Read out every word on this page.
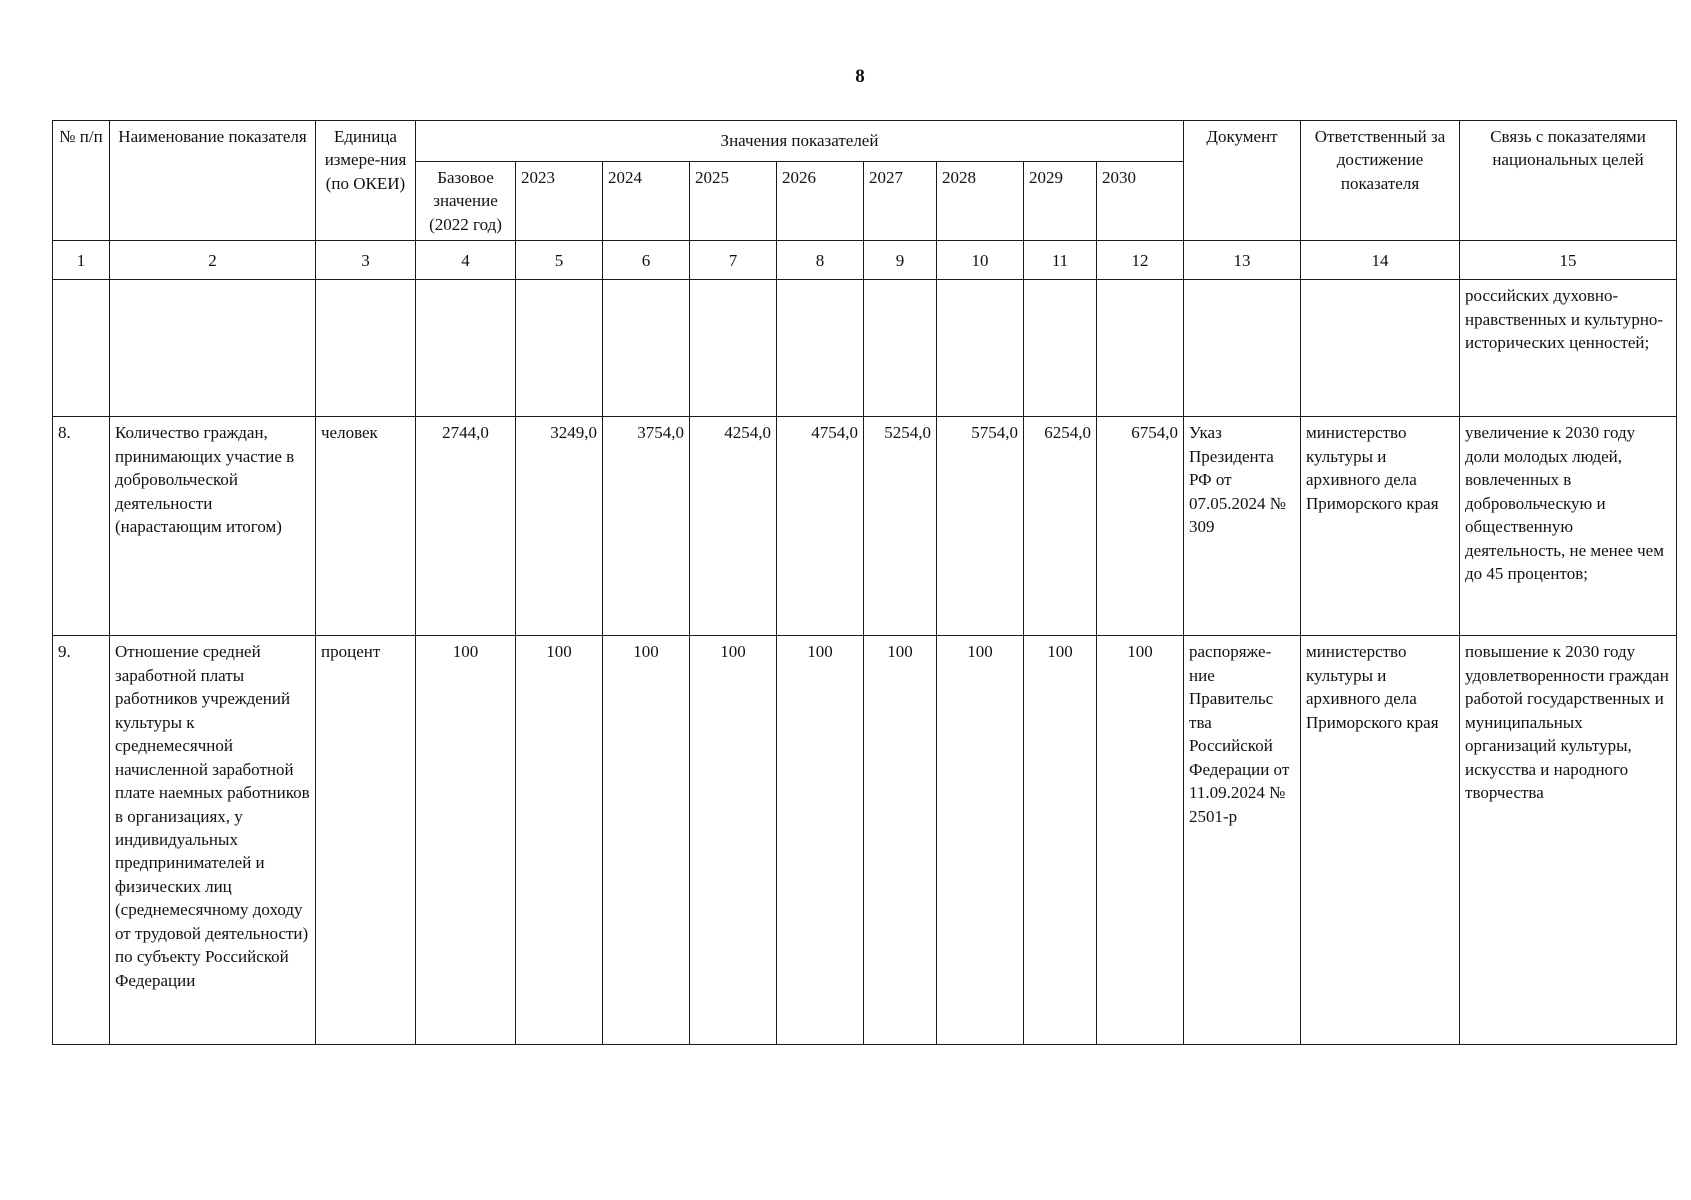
8
№ п/п	Наименование показателя	Единица измере-ния (по ОКЕИ)	Значения показателей									Документ	Ответственный за достижение показателя	Связь с показателями национальных целей
			Базовое значение (2022 год)	2023	2024	2025	2026	2027	2028	2029	2030			
1	2	3	4	5	6	7	8	9	10	11	12	13	14	15
														российских духовно-нравственных и культурно-исторических ценностей;
8.	Количество граждан, принимающих участие в добровольческой деятельности (нарастающим итогом)	человек	2744,0	3249,0	3754,0	4254,0	4754,0	5254,0	5754,0	6254,0	6754,0	Указ Президента РФ от 07.05.2024 № 309	министерство культуры и архивного дела Приморского края	увеличение к 2030 году доли молодых людей, вовлеченных в добровольческую и общественную деятельность, не менее чем до 45 процентов;
9.	Отношение средней заработной платы работников учреждений культуры к среднемесячной начисленной заработной плате наемных работников в организациях, у индивидуальных предпринимателей и физических лиц (среднемесячному доходу от трудовой деятельности) по субъекту Российской Федерации	процент	100	100	100	100	100	100	100	100	100	распоряже-ние Правительс тва Российской Федерации от 11.09.2024 № 2501-р	министерство культуры и архивного дела Приморского края	повышение к 2030 году удовлетворенности граждан работой государственных и муниципальных организаций культуры, искусства и народного творчества
